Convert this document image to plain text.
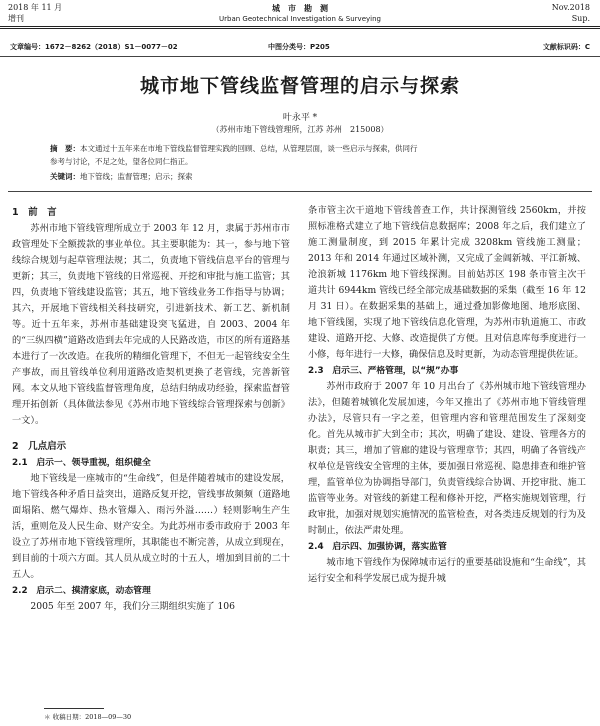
2018 年 11 月
增刊
城　市　勘　测
Urban Geotechnical Investigation & Surveying
Nov.2018
Sup.
文章编号：1672－8262（2018）S1－0077－02	中图分类号：P205	文献标识码：C
城市地下管线监督管理的启示与探索
叶永平 *
（苏州市地下管线管理所，江苏 苏州　215008）
摘　要：本文通过十五年来在市地下管线监督管理实践的回顾、总结，从管理层面，谈一些启示与探索，供同行
参考与讨论，不足之处，望各位同仁指正。
关键词：地下管线；监督管理；启示；探索
1　前　言

苏州市地下管线管理所成立于 2003 年 12 月，隶属于苏州市市政管理处下全额拨款的事业单位。其主要职能为：其一，参与地下管线综合规划与起草管理法规；其二，负责地下管线信息平台的管理与更新；其三，负责地下管线的日常巡视、开挖和审批与施工监管；其四，负责地下管线建设监管；其五，地下管线业务工作指导与协调；其六，开展地下管线相关科技研究，引进新技术、新工艺、新机制等。近十五年来，苏州市基础建设突飞猛进，自 2003、2004 年的“三纵四横”道路改造到去年完成的人民路改造，市区的所有道路基本进行了一次改造。在我所的精细化管理下，不但无一起管线安全生产事故，而且管线单位利用道路改造契机更换了老管线，完善新管网。本文从地下管线监督管理角度，总结归纳成功经验，探索监督管理开拓创新（具体做法参见《苏州市地下管线综合管理探索与创新》一文）。

2　几点启示
2.1　启示一、领导重视，组织健全

地下管线是一座城市的“生命线”，但是伴随着城市的建设发展，地下管线各种矛盾日益突出，道路反复开挖，管线事故频频（道路地面塌陷、燃气爆炸、热水管爆入、雨污外溢……）轻则影响生产生活，重则危及人民生命、财产安全。为此苏州市委市政府于 2003 年设立了苏州市地下管线管理所，其职能也不断完善，从成立到现在，到目前的十项六方面。其人员从成立时的十五人，增加到目前的二十五人。

2.2　启示二、摸清家底，动态管理

2005 年至 2007 年，我们分三期组织实施了 106

条市管主次干道地下管线普查工作，共计探测管线 2560km，并按照标准格式建立了地下管线信息数据库；2008 年之后，我们建立了施工测量制度，到 2015 年累计完成 3208km 管线施工测量；2013 年和 2014 年通过区域补测，又完成了金阊新城、平江新城、沧浪新城 1176km 地下管线探测。目前姑苏区 198 条市管主次干道共计 6944km 管线已经全部完成基础数据的采集（截至 16 年 12 月 31 日）。在数据采集的基础上，通过叠加影像地图、地形底图、地下管线图，实现了地下管线信息化管理，为苏州市轨道施工、市政建设、道路开挖、大修、改造提供了方便。且对信息库每季度进行一小修，每年进行一大修，确保信息及时更新，为动态管理提供佐证。

2.3　启示三、严格管理，以“规”办事

苏州市政府于 2007 年 10 月出台了《苏州城市地下管线管理办法》，但随着城镇化发展加速，今年又推出了《苏州市地下管线管理办法》，尽管只有一字之差，但管理内容和管理范围发生了深刻变化。首先从城市扩大到全市；其次，明确了建设、建设、管理各方的职责；其三，增加了管廊的建设与管理章节；其四，明确了各管线产权单位是管线安全管理的主体，要加强日常巡视、隐患排查和维护管理，监管单位为协调指导部门，负责管线综合协调、开挖审批、施工监管等业务。对管线的新建工程和修补开挖，严格实施规划管理，行政审批，加强对规划实施情况的监管检查，对各类违反规划的行为及时制止，依法严肃处理。

2.4　启示四、加强协调，落实监管

城市地下管线作为保障城市运行的重要基础设施和“生命线”，其运行安全和科学发展已成为提升城

＊ 收稿日期：2018—09—30
